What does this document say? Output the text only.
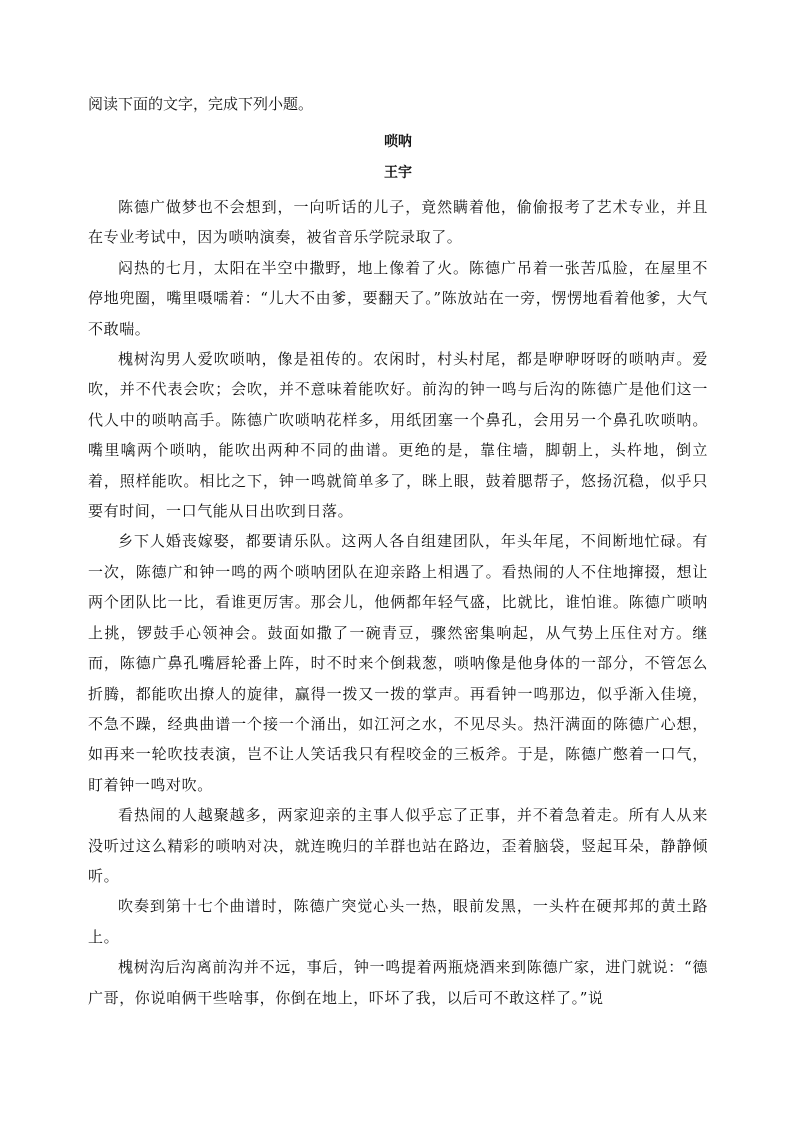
阅读下面的文字，完成下列小题。

唢呐

王宇

陈德广做梦也不会想到，一向听话的儿子，竟然瞒着他，偷偷报考了艺术专业，并且在专业考试中，因为唢呐演奏，被省音乐学院录取了。

闷热的七月，太阳在半空中撒野，地上像着了火。陈德广吊着一张苦瓜脸，在屋里不停地兜圈，嘴里嗫嚅着：“儿大不由爹，要翻天了。”陈放站在一旁，愣愣地看着他爹，大气不敢喘。

槐树沟男人爱吹唢呐，像是祖传的。农闲时，村头村尾，都是咿咿呀呀的唢呐声。爱吹，并不代表会吹；会吹，并不意味着能吹好。前沟的钟一鸣与后沟的陈德广是他们这一代人中的唢呐高手。陈德广吹唢呐花样多，用纸团塞一个鼻孔，会用另一个鼻孔吹唢呐。嘴里噙两个唢呐，能吹出两种不同的曲谱。更绝的是，靠住墙，脚朝上，头杵地，倒立着，照样能吹。相比之下，钟一鸣就简单多了，眯上眼，鼓着腮帮子，悠扬沉稳，似乎只要有时间，一口气能从日出吹到日落。

乡下人婚丧嫁娶，都要请乐队。这两人各自组建团队，年头年尾，不间断地忙碌。有一次，陈德广和钟一鸣的两个唢呐团队在迎亲路上相遇了。看热闹的人不住地撺掇，想让两个团队比一比，看谁更厉害。那会儿，他俩都年轻气盛，比就比，谁怕谁。陈德广唢呐上挑，锣鼓手心领神会。鼓面如撒了一碗青豆，骤然密集响起，从气势上压住对方。继而，陈德广鼻孔嘴唇轮番上阵，时不时来个倒栽葱，唢呐像是他身体的一部分，不管怎么折腾，都能吹出撩人的旋律，赢得一拨又一拨的掌声。再看钟一鸣那边，似乎渐入佳境，不急不躁，经典曲谱一个接一个涌出，如江河之水，不见尽头。热汗满面的陈德广心想，如再来一轮吹技表演，岂不让人笑话我只有程咬金的三板斧。于是，陈德广憋着一口气，盯着钟一鸣对吹。

看热闹的人越聚越多，两家迎亲的主事人似乎忘了正事，并不着急着走。所有人从来没听过这么精彩的唢呐对决，就连晚归的羊群也站在路边，歪着脑袋，竖起耳朵，静静倾听。

吹奏到第十七个曲谱时，陈德广突觉心头一热，眼前发黑，一头杵在硬邦邦的黄土路上。

槐树沟后沟离前沟并不远，事后，钟一鸣提着两瓶烧酒来到陈德广家，进门就说：“德广哥，你说咱俩干些啥事，你倒在地上，吓坏了我，以后可不敢这样了。”说
